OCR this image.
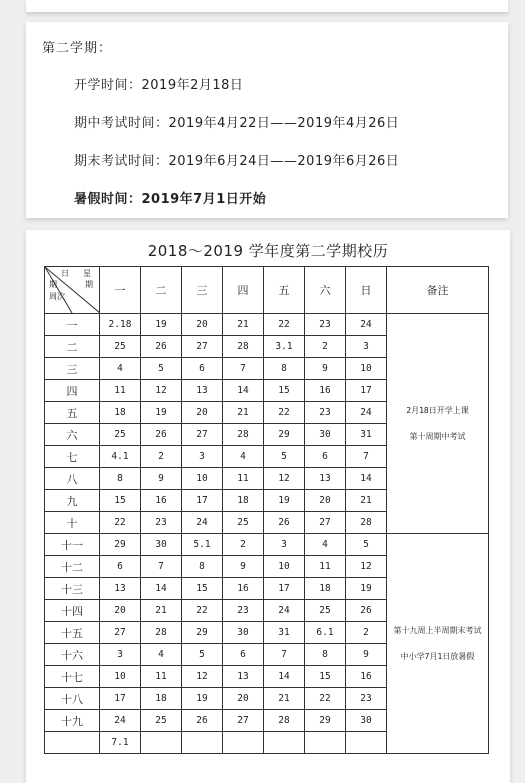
第二学期：
开学时间：2019年2月18日
期中考试时间：2019年4月22日——2019年4月26日
期末考试时间：2019年6月24日——2019年6月26日
暑假时间：2019年7月1日开始
2018～2019 学年度第二学期校历
日 星
期 期
周次	一	二	三	四	五	六	日	备注
一	2.18	19	20	21	22	23	24	2月18日开学上课

第十周期中考试

二	25	26	27	28	3.1	2	3	
三	4	5	6	7	8	9	10	
四	11	12	13	14	15	16	17	
五	18	19	20	21	22	23	24	
六	25	26	27	28	29	30	31	
七	4.1	2	3	4	5	6	7	
八	8	9	10	11	12	13	14	
九	15	16	17	18	19	20	21	
十	22	23	24	25	26	27	28	
十一	29	30	5.1	2	3	4	5	第十九周上半周期末考试

中小学7月1日放暑假

十二	6	7	8	9	10	11	12	
十三	13	14	15	16	17	18	19	
十四	20	21	22	23	24	25	26	
十五	27	28	29	30	31	6.1	2	
十六	3	4	5	6	7	8	9	
十七	10	11	12	13	14	15	16	
十八	17	18	19	20	21	22	23	
十九	24	25	26	27	28	29	30	
	7.1							
